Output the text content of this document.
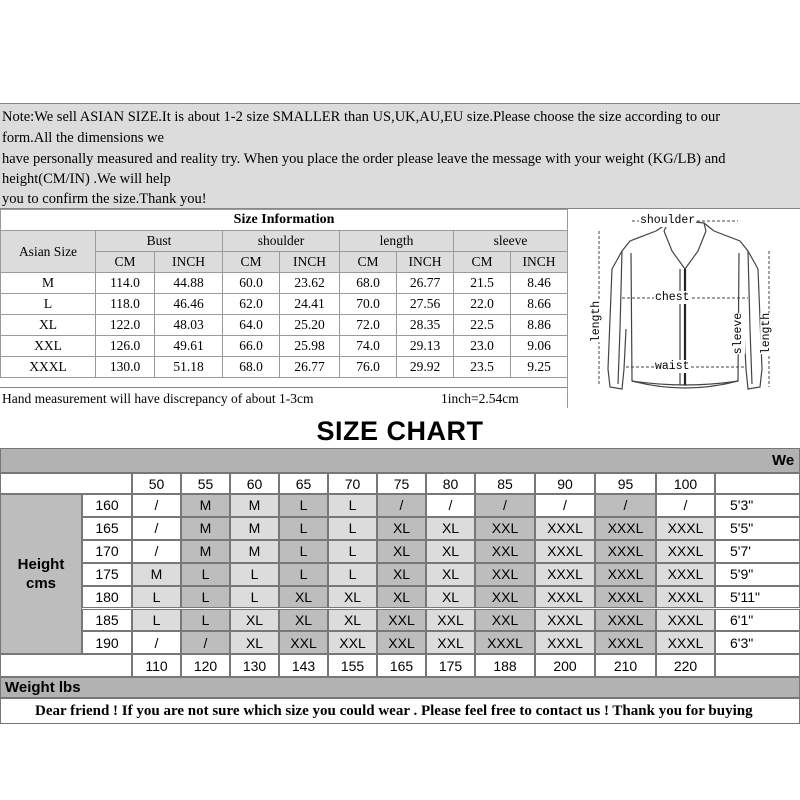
Note:We sell ASIAN SIZE.It is about 1-2 size SMALLER than US,UK,AU,EU size.Please choose the size according to our
form.All the dimensions we
have personally measured and reality try. When you place the order please leave the message with your weight (KG/LB) and
height(CM/IN) .We will help
you to confirm the size.Thank you!
Size Information								
Asian Size	Bust		shoulder		length		sleeve	
	CM	INCH	CM	INCH	CM	INCH	CM	INCH
M	114.0	44.88	60.0	23.62	68.0	26.77	21.5	8.46
L	118.0	46.46	62.0	24.41	70.0	27.56	22.0	8.66
XL	122.0	48.03	64.0	25.20	72.0	28.35	22.5	8.86
XXL	126.0	49.61	66.0	25.98	74.0	29.13	23.0	9.06
XXXL	130.0	51.18	68.0	26.77	76.0	29.92	23.5	9.25
Hand measurement will have discrepancy of about 1-3cm	1inch=2.54cm
shoulder
chest
waist
length	sleeve length
SIZE CHART
We
50	55	60	65	70	75	80	85	90	95	100
Height
cms
160	/	M	M	L	L	/	/	/	/	/	/	5'3"
165	/	M	M	L	L	XL	XL	XXL	XXXL	XXXL	XXXL	5'5"
170	/	M	M	L	L	XL	XL	XXL	XXXL	XXXL	XXXL	5'7'
175	M	L	L	L	L	XL	XL	XXL	XXXL	XXXL	XXXL	5'9"
180	L	L	L	XL	XL	XL	XL	XXL	XXXL	XXXL	XXXL	5'11"
185	L	L	XL	XL	XL	XXL	XXL	XXL	XXXL	XXXL	XXXL	6'1"
190	/	/	XL	XXL	XXL	XXL	XXL	XXXL	XXXL	XXXL	XXXL	6'3"
110	120	130	143	155	165	175	188	200	210	220
Weight lbs
Dear friend ! If you are not sure which size you could wear . Please feel free to contact us ! Thank you for buying
